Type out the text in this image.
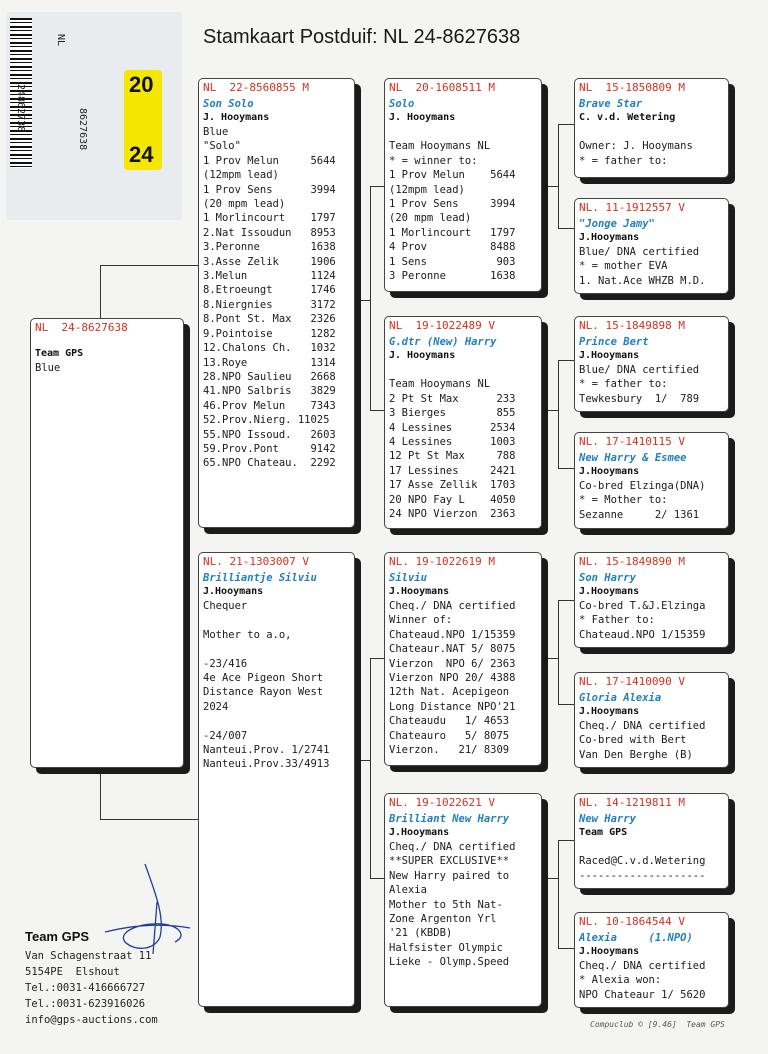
Stamkaart Postduif: NL 24-8627638
24862738
NL
8627638
20
24
NL  24-8627638
Team GPS
Blue
NL  22-8560855 M
Son Solo
J. Hooymans
Blue
"Solo"
1 Prov Melun     5644
(12mpm lead)
1 Prov Sens      3994
(20 mpm lead)
1 Morlincourt    1797
2.Nat Issoudun   8953
3.Peronne        1638
3.Asse Zelik     1906
3.Melun          1124
8.Etroeungt      1746
8.Niergnies      3172
8.Pont St. Max   2326
9.Pointoise      1282
12.Chalons Ch.   1032
13.Roye          1314
28.NPO Saulieu   2668
41.NPO Salbris   3829
46.Prov Melun    7343
52.Prov.Nierg. 11025
55.NPO Issoud.   2603
59.Prov.Pont     9142
65.NPO Chateau.  2292
NL. 21-1303007 V
Brilliantje Silviu
J.Hooymans
Chequer

Mother to a.o,

-23/416
4e Ace Pigeon Short
Distance Rayon West
2024

-24/007
Nanteui.Prov. 1/2741
Nanteui.Prov.33/4913
NL  20-1608511 M
Solo
J. Hooymans

Team Hooymans NL
* = winner to:
1 Prov Melun    5644
(12mpm lead)
1 Prov Sens     3994
(20 mpm lead)
1 Morlincourt   1797
4 Prov          8488
1 Sens           903
3 Peronne       1638
NL  19-1022489 V
G.dtr (New) Harry
J. Hooymans

Team Hooymans NL
2 Pt St Max      233
3 Bierges        855
4 Lessines      2534
4 Lessines      1003
12 Pt St Max     788
17 Lessines     2421
17 Asse Zellik  1703
20 NPO Fay L    4050
24 NPO Vierzon  2363
NL. 19-1022619 M
Silviu
J.Hooymans
Cheq./ DNA certified
Winner of:
Chateaud.NPO 1/15359
Chateaur.NAT 5/ 8075
Vierzon  NPO 6/ 2363
Vierzon NPO 20/ 4388
12th Nat. Acepigeon
Long Distance NPO'21
Chateaudu   1/ 4653
Chateauro   5/ 8075
Vierzon.   21/ 8309
NL. 19-1022621 V
Brilliant New Harry
J.Hooymans
Cheq./ DNA certified
**SUPER EXCLUSIVE**
New Harry paired to
Alexia
Mother to 5th Nat-
Zone Argenton Yrl
'21 (KBDB)
Halfsister Olympic
Lieke - Olymp.Speed
NL  15-1850809 M
Brave Star
C. v.d. Wetering

Owner: J. Hooymans
* = father to:
NL. 11-1912557 V
"Jonge Jamy"
J.Hooymans
Blue/ DNA certified
* = mother EVA
1. Nat.Ace WHZB M.D.
NL. 15-1849898 M
Prince Bert
J.Hooymans
Blue/ DNA certified
* = father to:
Tewkesbury  1/  789
NL. 17-1410115 V
New Harry & Esmee
J.Hooymans
Co-bred Elzinga(DNA)
* = Mother to:
Sezanne     2/ 1361
NL. 15-1849890 M
Son Harry
J.Hooymans
Co-bred T.&J.Elzinga
* Father to:
Chateaud.NPO 1/15359
NL. 17-1410090 V
Gloria Alexia
J.Hooymans
Cheq./ DNA certified
Co-bred with Bert
Van Den Berghe (B)
NL. 14-1219811 M
New Harry
Team GPS

Raced@C.v.d.Wetering
--------------------
NL. 10-1864544 V
Alexia     (1.NPO)
J.Hooymans
Cheq./ DNA certified
* Alexia won:
NPO Chateaur 1/ 5620
Team GPS
Van Schagenstraat 11
5154PE  Elshout
Tel.:0031-416666727
Tel.:0031-623916026
info@gps-auctions.com	Compuclub © [9.46]  Team GPS
